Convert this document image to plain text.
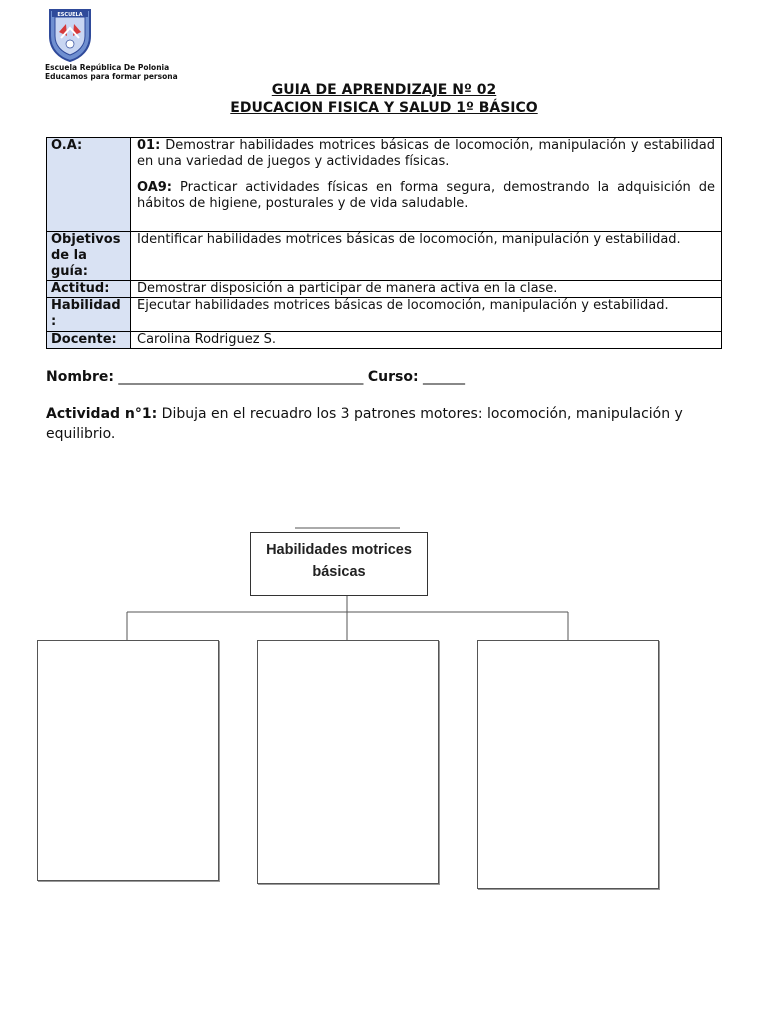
ESCUELA
Escuela República De Polonia
Educamos para formar persona
GUIA DE APRENDIZAJE Nº 02
EDUCACION FISICA Y SALUD 1º BÁSICO
O.A:	01: Demostrar habilidades motrices básicas de locomoción, manipulación y estabilidad en una variedad de juegos y actividades físicas.

OA9: Practicar actividades físicas en forma segura, demostrando la adquisición de hábitos de higiene, posturales y de vida saludable.

Objetivos de la guía:	Identificar habilidades motrices básicas de locomoción, manipulación y estabilidad.
Actitud:	Demostrar disposición a participar de manera activa en la clase.
Habilidad :	Ejecutar habilidades motrices básicas de locomoción, manipulación y estabilidad.
Docente:	Carolina Rodriguez S.
Nombre: ___________________________________ Curso: ______
Actividad n°1: Dibuja en el recuadro los 3 patrones motores: locomoción, manipulación y equilibrio.
Habilidades motrices
básicas
